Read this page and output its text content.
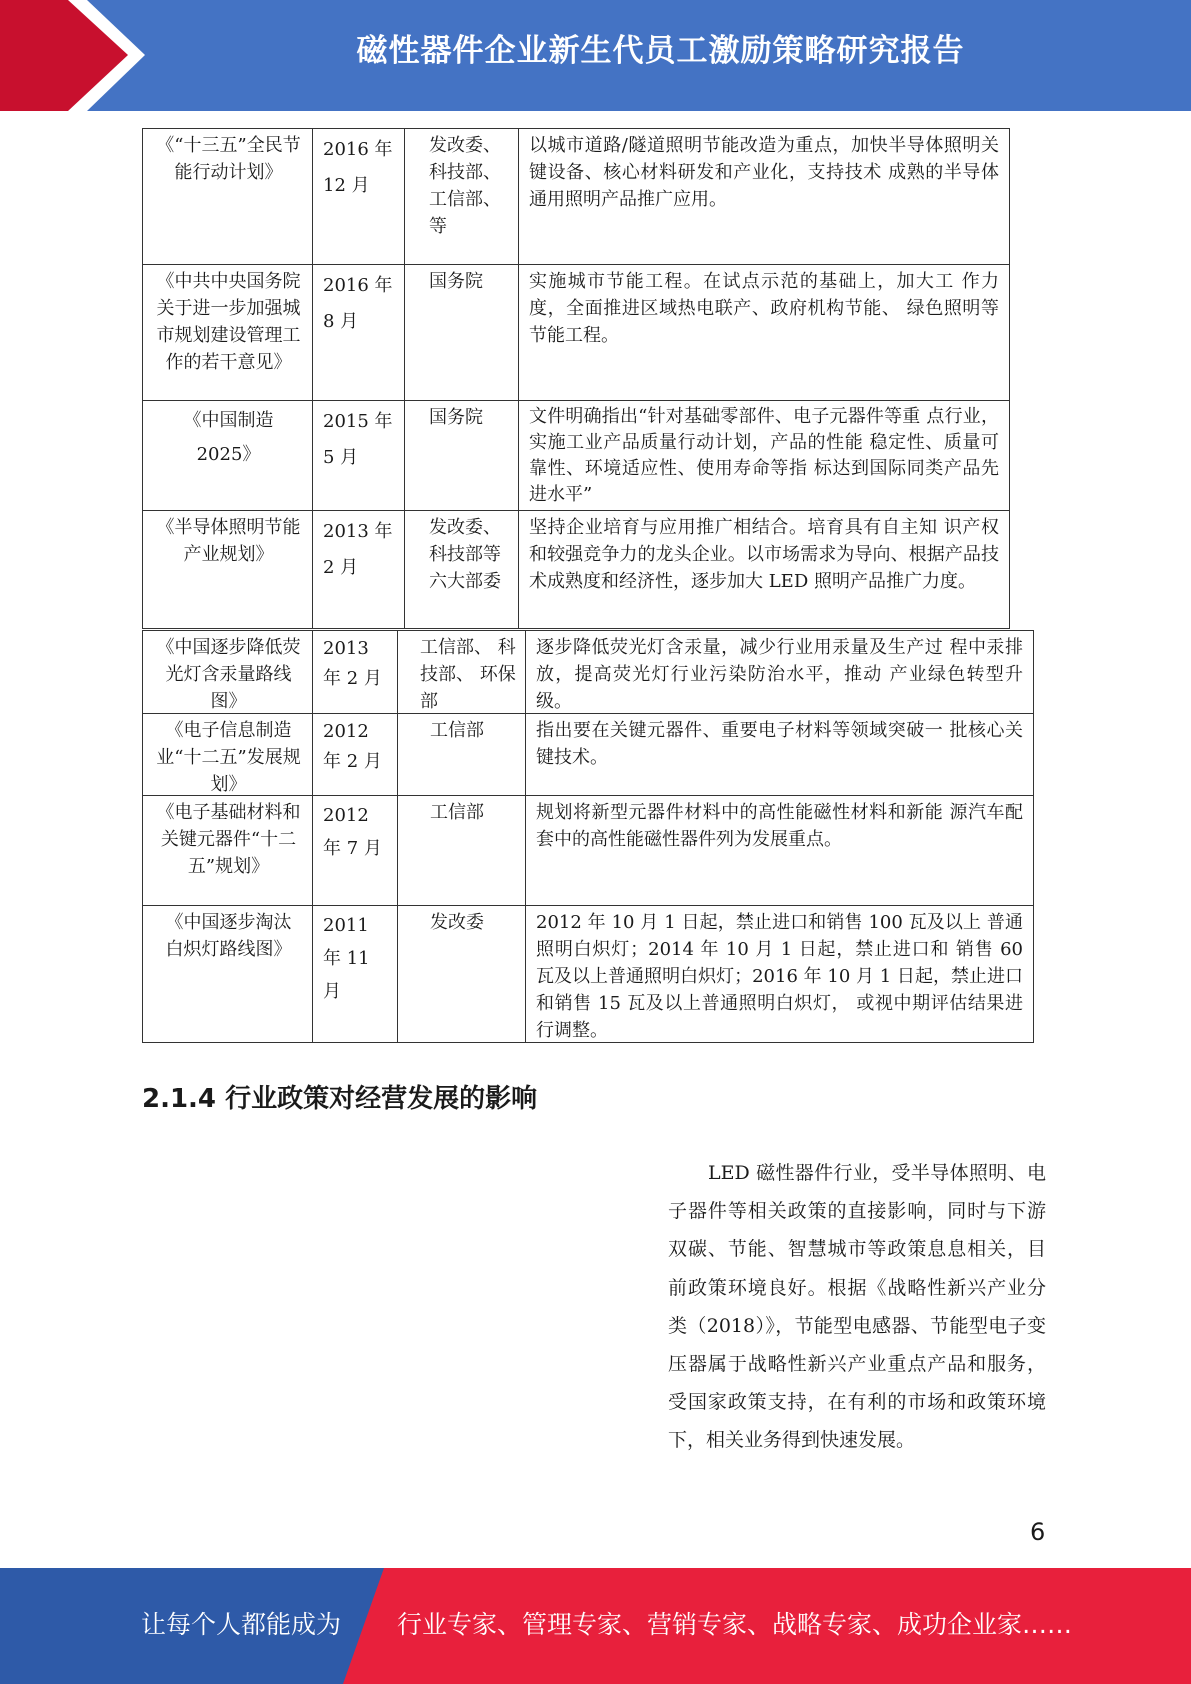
磁性器件企业新生代员工激励策略研究报告
《“十三五”全民节能行动计划》	2016 年 12 月	发改委、 科技部、 工信部、 等	以城市道路/隧道照明节能改造为重点，加快半导体照明关键设备、核心材料研发和产业化，支持技术 成熟的半导体通用照明产品推广应用。

《中共中央国务院关于进一步加强城市规划建设管理工作的若干意见》	2016 年 8 月	国务院	实施城市节能工程。在试点示范的基础上，加大工 作力度，全面推进区域热电联产、政府机构节能、 绿色照明等节能工程。

《中国制造 2025》	2015 年 5 月	国务院	文件明确指出“针对基础零部件、电子元器件等重 点行业，实施工业产品质量行动计划，产品的性能 稳定性、质量可靠性、环境适应性、使用寿命等指 标达到国际同类产品先进水平”

《半导体照明节能产业规划》	2013 年 2 月	发改委、 科技部等六大部委	坚持企业培育与应用推广相结合。培育具有自主知 识产权和较强竞争力的龙头企业。以市场需求为导向、根据产品技术成熟度和经济性，逐步加大 LED 照明产品推广力度。
《中国逐步降低荧光灯含汞量路线图》	2013 年 2 月	工信部、 科技部、 环保部	逐步降低荧光灯含汞量，减少行业用汞量及生产过 程中汞排放，提高荧光灯行业污染防治水平，推动 产业绿色转型升级。

《电子信息制造业“十二五”发展规划》	2012 年 2 月	工信部	指出要在关键元器件、重要电子材料等领域突破一 批核心关键技术。

《电子基础材料和关键元器件“十二五”规划》	2012 年 7 月	工信部	规划将新型元器件材料中的高性能磁性材料和新能 源汽车配套中的高性能磁性器件列为发展重点。

《中国逐步淘汰 白炽灯路线图》	2011 年 11 月	发改委	2012 年 10 月 1 日起，禁止进口和销售 100 瓦及以上 普通照明白炽灯；2014 年 10 月 1 日起，禁止进口和 销售 60 瓦及以上普通照明白炽灯；2016 年 10 月 1 日起，禁止进口和销售 15 瓦及以上普通照明白炽灯， 或视中期评估结果进行调整。
2.1.4 行业政策对经营发展的影响
LED 磁性器件行业，受半导体照明、电子器件等相关政策的直接影响，同时与下游双碳、节能、智慧城市等政策息息相关，目前政策环境良好。根据《战略性新兴产业分类（2018）》，节能型电感器、节能型电子变压器属于战略性新兴产业重点产品和服务，受国家政策支持，在有利的市场和政策环境下，相关业务得到快速发展。
6
让每个人都能成为 行业专家、管理专家、营销专家、战略专家、成功企业家……
